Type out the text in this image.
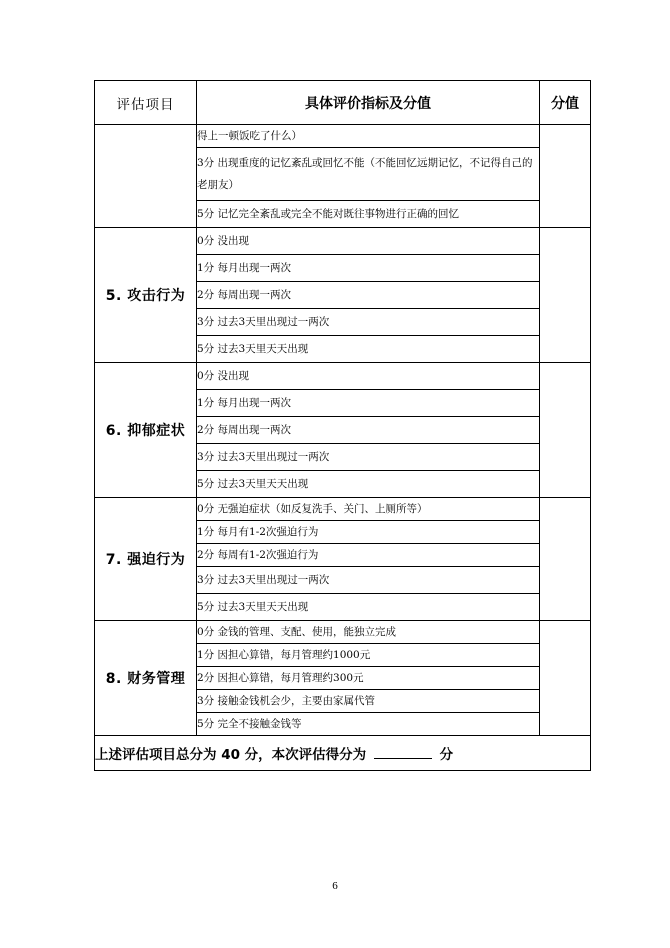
评估项目	具体评价指标及分值	分值
	得上一顿饭吃了什么）	
	3分 出现重度的记忆紊乱或回忆不能（不能回忆远期记忆，不记得自己的老朋友）	
	5分 记忆完全紊乱或完全不能对既往事物进行正确的回忆	
5. 攻击行为	0分 没出现	
	1分 每月出现一两次	
	2分 每周出现一两次	
	3分 过去3天里出现过一两次	
	5分 过去3天里天天出现	
6. 抑郁症状	0分 没出现	
	1分 每月出现一两次	
	2分 每周出现一两次	
	3分 过去3天里出现过一两次	
	5分 过去3天里天天出现	
7. 强迫行为	0分 无强迫症状（如反复洗手、关门、上厕所等）	
	1分 每月有1-2次强迫行为	
	2分 每周有1-2次强迫行为	
	3分 过去3天里出现过一两次	
	5分 过去3天里天天出现	
8. 财务管理	0分 金钱的管理、支配、使用，能独立完成	
	1分 因担心算错，每月管理约1000元	
	2分 因担心算错，每月管理约300元	
	3分 接触金钱机会少，主要由家属代管	
	5分 完全不接触金钱等	
上述评估项目总分为 40 分，本次评估得分为 分		
6
